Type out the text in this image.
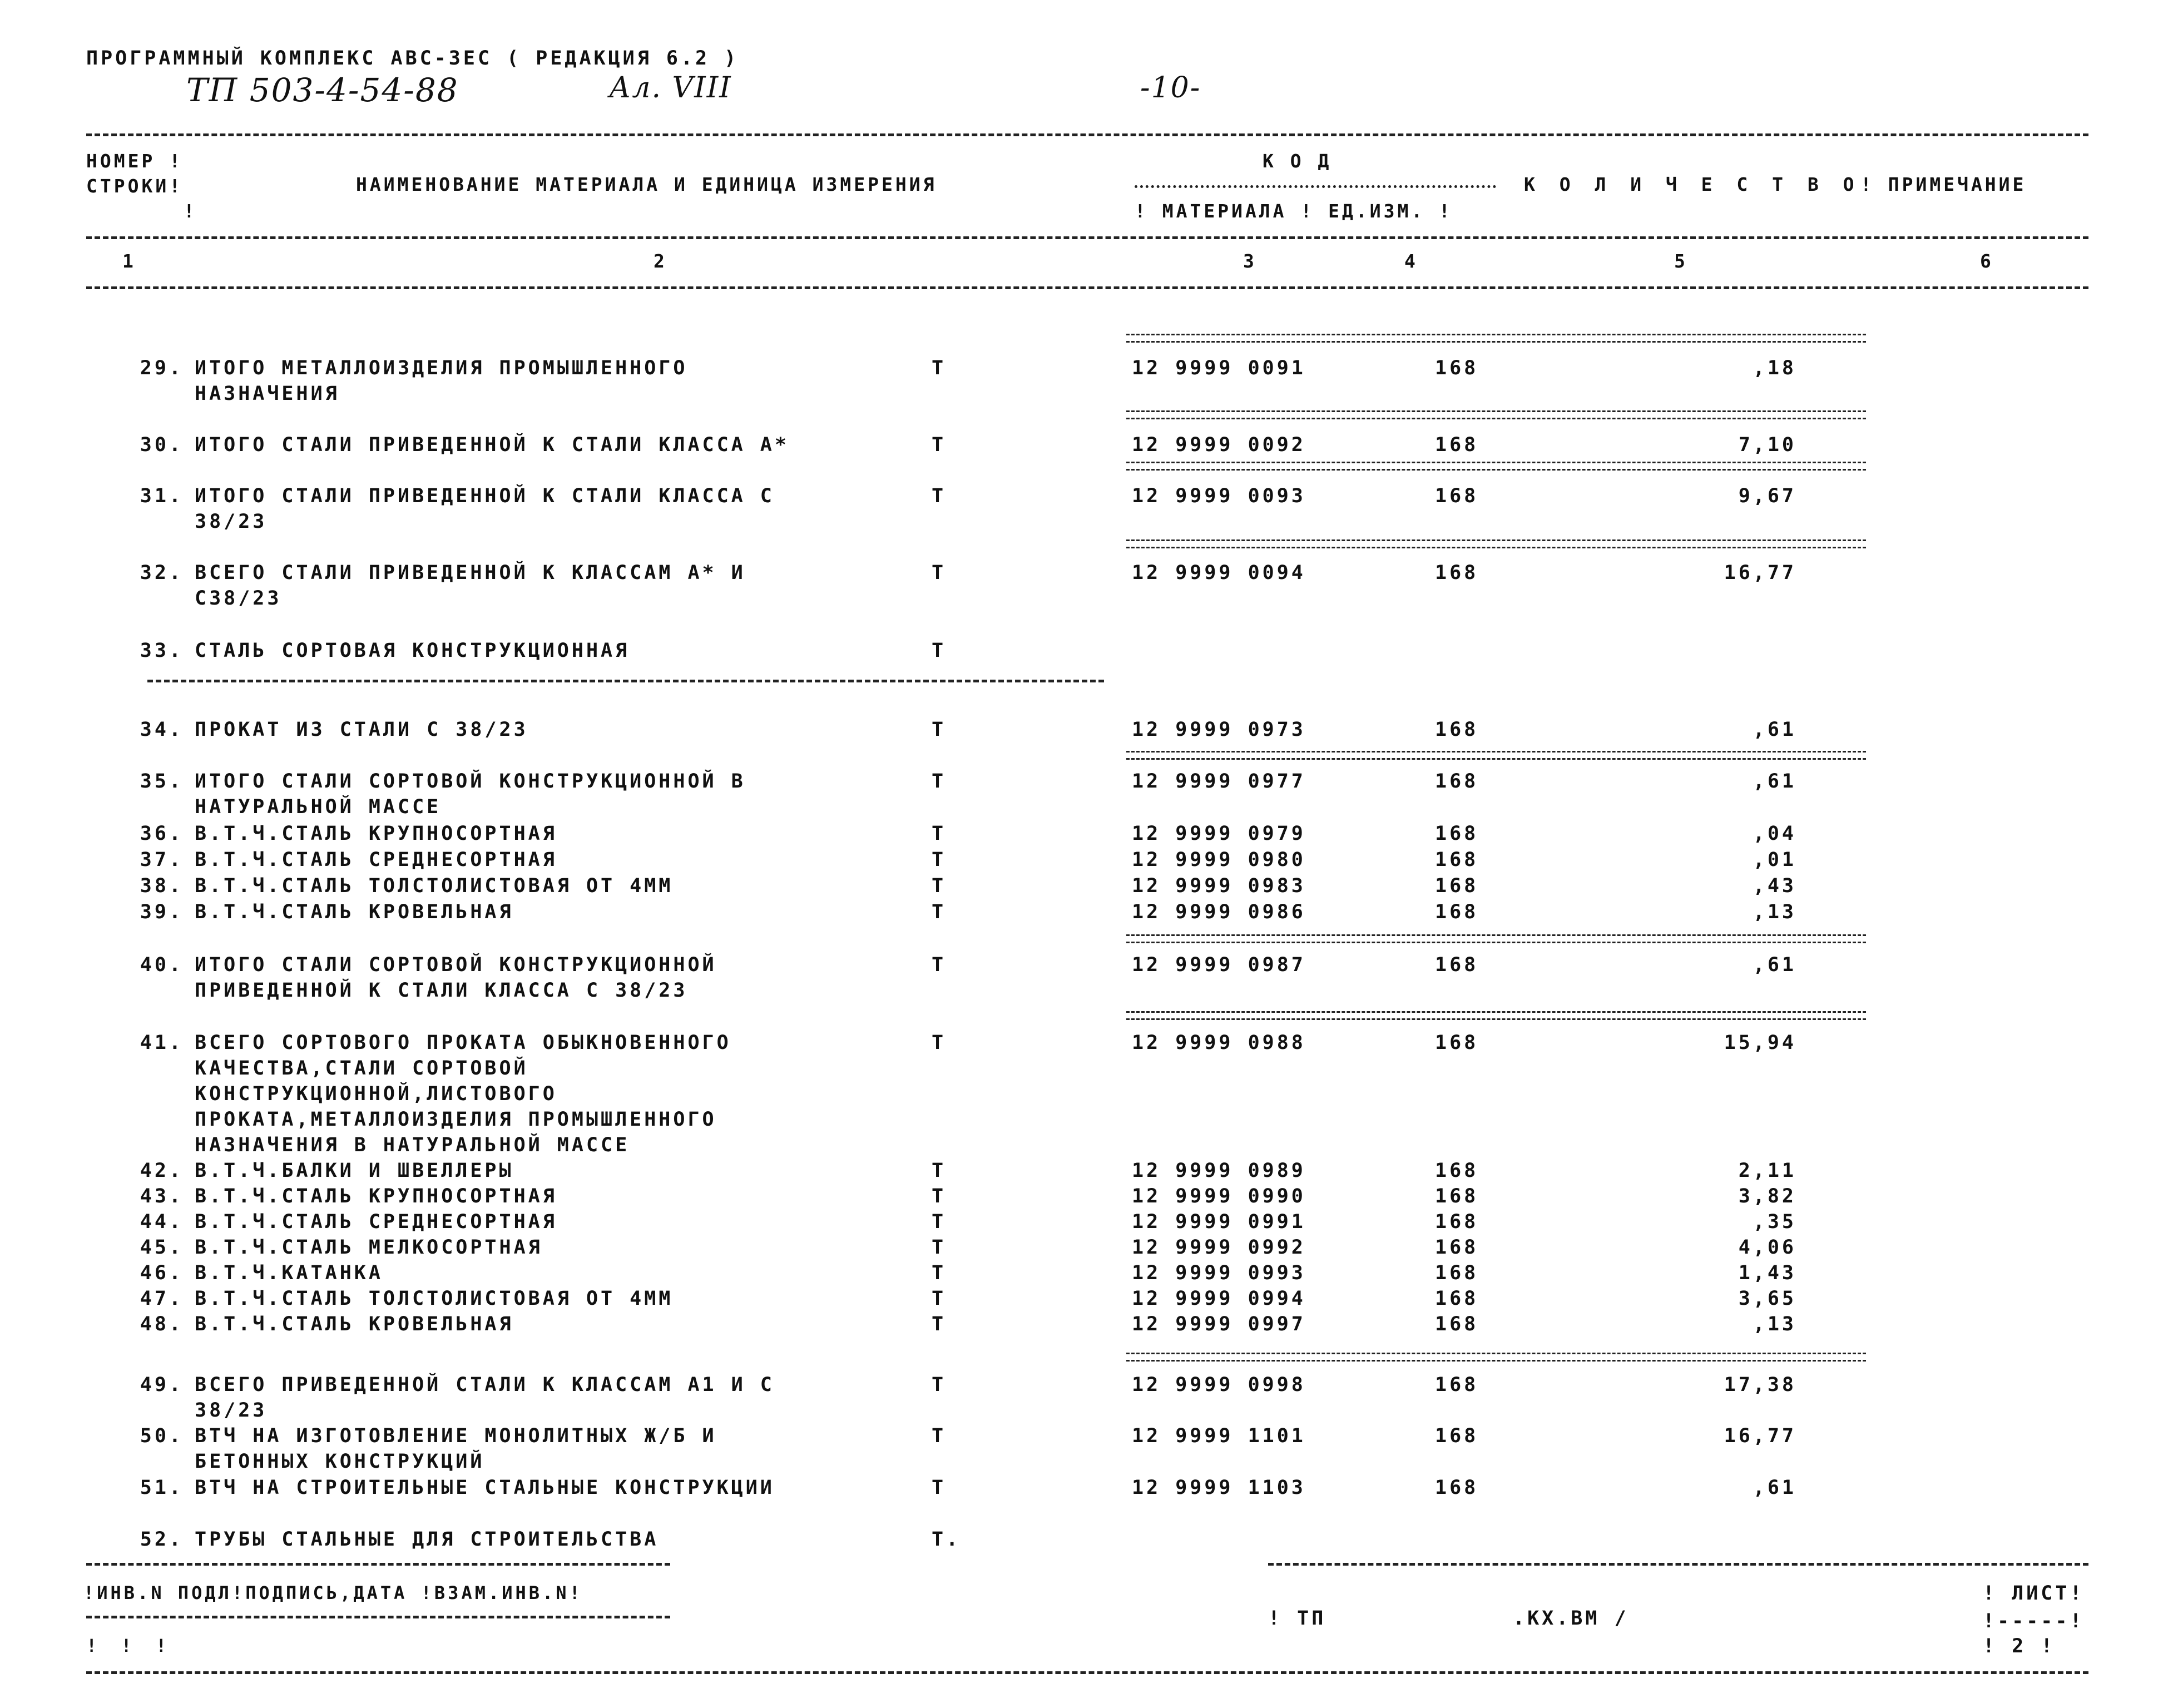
ПРОГРАММНЫЙ КОМПЛЕКС АВС-ЗЕС ( РЕДАКЦИЯ 6.2 )
ТП 503-4-54-88	Ал. VIII	-10-
НОМЕР !
СТРОКИ!
!
НАИМЕНОВАНИЕ МАТЕРИАЛА И ЕДИНИЦА ИЗМЕРЕНИЯ
К О Д
! МАТЕРИАЛА ! ЕД.ИЗМ. !
К О Л И Ч Е С Т В О ! ПРИМЕЧАНИЕ
1	2	3	4	5	6
29. ИТОГО МЕТАЛЛОИЗДЕЛИЯ ПРОМЫШЛЕННОГО	Т	12 9999 0091	168	,18
НАЗНАЧЕНИЯ
30. ИТОГО СТАЛИ ПРИВЕДЕННОЙ К СТАЛИ КЛАССА А*	Т	12 9999 0092	168	7,10
31. ИТОГО СТАЛИ ПРИВЕДЕННОЙ К СТАЛИ КЛАССА С	Т	12 9999 0093	168	9,67
38/23
32. ВСЕГО СТАЛИ ПРИВЕДЕННОЙ К КЛАССАМ А* И	Т	12 9999 0094	168	16,77
С38/23
33. СТАЛЬ СОРТОВАЯ КОНСТРУКЦИОННАЯ	Т
34. ПРОКАТ ИЗ СТАЛИ С 38/23	Т	12 9999 0973	168	,61
35. ИТОГО СТАЛИ СОРТОВОЙ КОНСТРУКЦИОННОЙ В	Т	12 9999 0977	168	,61
НАТУРАЛЬНОЙ МАССЕ
36. В.Т.Ч.СТАЛЬ КРУПНОСОРТНАЯ	Т	12 9999 0979	168	,04
37. В.Т.Ч.СТАЛЬ СРЕДНЕСОРТНАЯ	Т	12 9999 0980	168	,01
38. В.Т.Ч.СТАЛЬ ТОЛСТОЛИСТОВАЯ ОТ 4ММ	Т	12 9999 0983	168	,43
39. В.Т.Ч.СТАЛЬ КРОВЕЛЬНАЯ	Т	12 9999 0986	168	,13
40. ИТОГО СТАЛИ СОРТОВОЙ КОНСТРУКЦИОННОЙ	Т	12 9999 0987	168	,61
ПРИВЕДЕННОЙ К СТАЛИ КЛАССА С 38/23
41. ВСЕГО СОРТОВОГО ПРОКАТА ОБЫКНОВЕННОГО	Т	12 9999 0988	168	15,94
КАЧЕСТВА,СТАЛИ СОРТОВОЙ
КОНСТРУКЦИОННОЙ,ЛИСТОВОГО
ПРОКАТА,МЕТАЛЛОИЗДЕЛИЯ ПРОМЫШЛЕННОГО
НАЗНАЧЕНИЯ В НАТУРАЛЬНОЙ МАССЕ
42. В.Т.Ч.БАЛКИ И ШВЕЛЛЕРЫ	Т	12 9999 0989	168	2,11
43. В.Т.Ч.СТАЛЬ КРУПНОСОРТНАЯ	Т	12 9999 0990	168	3,82
44. В.Т.Ч.СТАЛЬ СРЕДНЕСОРТНАЯ	Т	12 9999 0991	168	,35
45. В.Т.Ч.СТАЛЬ МЕЛКОСОРТНАЯ	Т	12 9999 0992	168	4,06
46. В.Т.Ч.КАТАНКА	Т	12 9999 0993	168	1,43
47. В.Т.Ч.СТАЛЬ ТОЛСТОЛИСТОВАЯ ОТ 4ММ	Т	12 9999 0994	168	3,65
48. В.Т.Ч.СТАЛЬ КРОВЕЛЬНАЯ	Т	12 9999 0997	168	,13
49. ВСЕГО ПРИВЕДЕННОЙ СТАЛИ К КЛАССАМ А1 И С	Т	12 9999 0998	168	17,38
38/23
50. ВТЧ НА ИЗГОТОВЛЕНИЕ МОНОЛИТНЫХ Ж/Б И	Т	12 9999 1101	168	16,77
БЕТОННЫХ КОНСТРУКЦИЙ
51. ВТЧ НА СТРОИТЕЛЬНЫЕ СТАЛЬНЫЕ КОНСТРУКЦИИ	Т	12 9999 1103	168	,61
52. ТРУБЫ СТАЛЬНЫЕ ДЛЯ СТРОИТЕЛЬСТВА	Т.
!ИНВ.N ПОДЛ!ПОДПИСЬ,ДАТА !ВЗАМ.ИНВ.N!
! ! !
! ТП	.КХ.ВМ /
! ЛИСТ!
!-----!
! 2 !
